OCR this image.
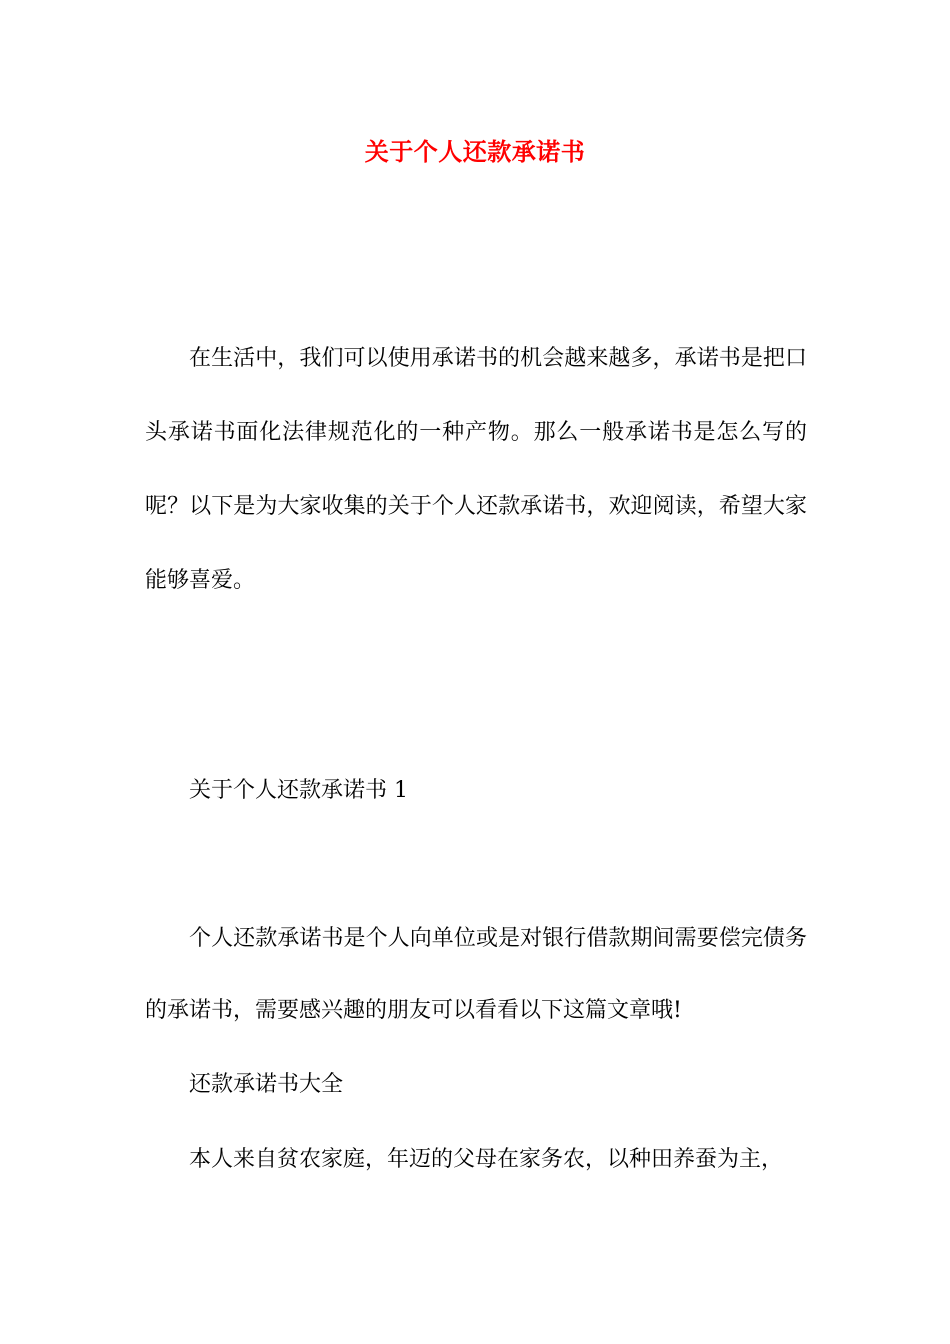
关于个人还款承诺书

在生活中，我们可以使用承诺书的机会越来越多，承诺书是把口头承诺书面化法律规范化的一种产物。那么一般承诺书是怎么写的呢？以下是为大家收集的关于个人还款承诺书，欢迎阅读，希望大家能够喜爱。

关于个人还款承诺书 1

个人还款承诺书是个人向单位或是对银行借款期间需要偿完债务的承诺书，需要感兴趣的朋友可以看看以下这篇文章哦!

还款承诺书大全

本人来自贫农家庭，年迈的父母在家务农，以种田养蚕为主，
